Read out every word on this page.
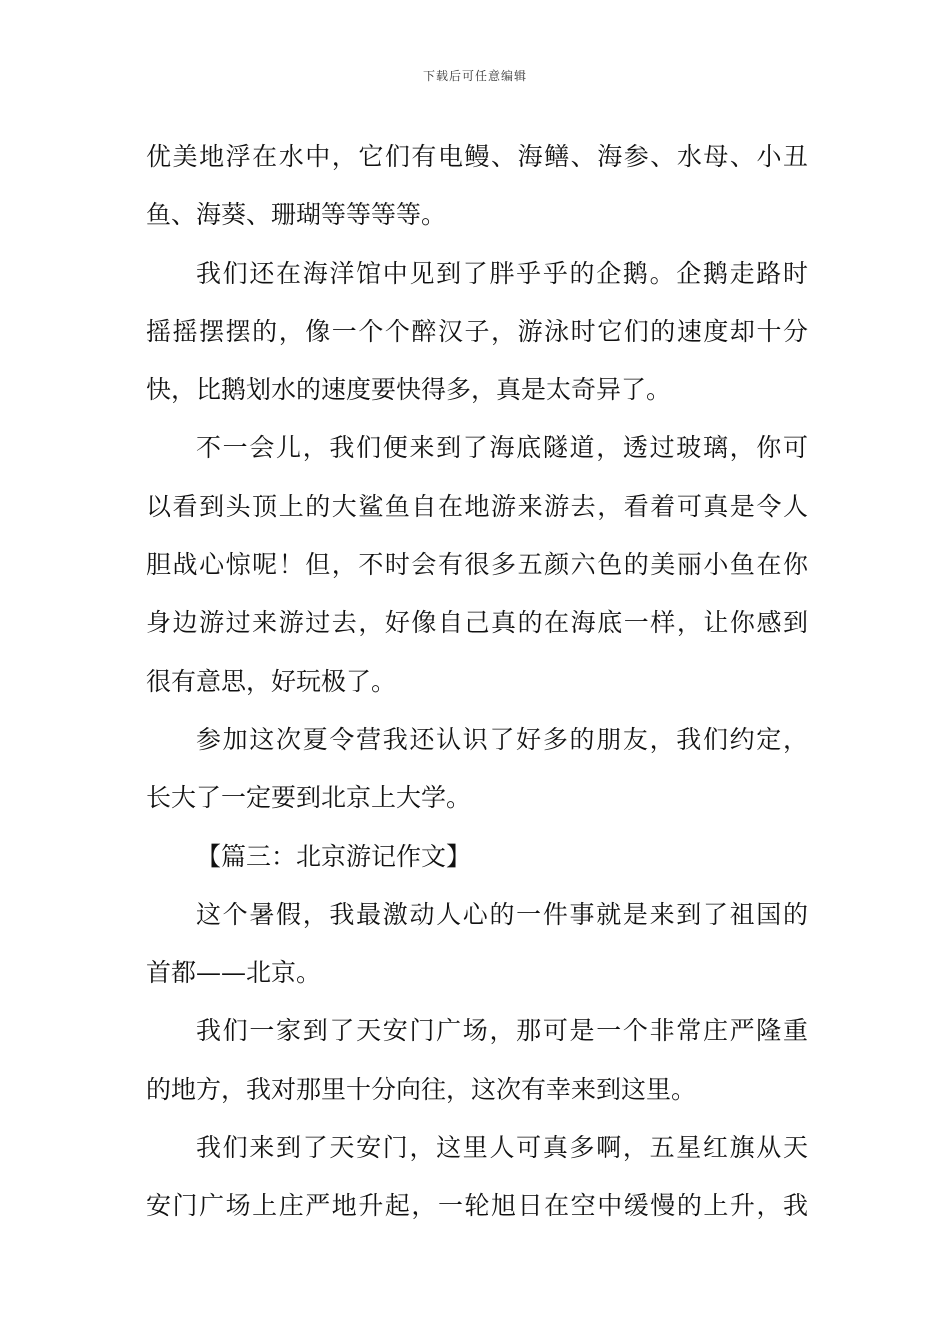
下载后可任意编辑
优美地浮在水中，它们有电鳗、海鳝、海参、水母、小丑
鱼、海葵、珊瑚等等等等。
我们还在海洋馆中见到了胖乎乎的企鹅。企鹅走路时
摇摇摆摆的，像一个个醉汉子，游泳时它们的速度却十分
快，比鹅划水的速度要快得多，真是太奇异了。
不一会儿，我们便来到了海底隧道，透过玻璃，你可
以看到头顶上的大鲨鱼自在地游来游去，看着可真是令人
胆战心惊呢！但，不时会有很多五颜六色的美丽小鱼在你
身边游过来游过去，好像自己真的在海底一样，让你感到
很有意思，好玩极了。
参加这次夏令营我还认识了好多的朋友，我们约定，
长大了一定要到北京上大学。
【篇三：北京游记作文】
这个暑假，我最激动人心的一件事就是来到了祖国的
首都——北京。
我们一家到了天安门广场，那可是一个非常庄严隆重
的地方，我对那里十分向往，这次有幸来到这里。
我们来到了天安门，这里人可真多啊，五星红旗从天
安门广场上庄严地升起，一轮旭日在空中缓慢的上升，我
